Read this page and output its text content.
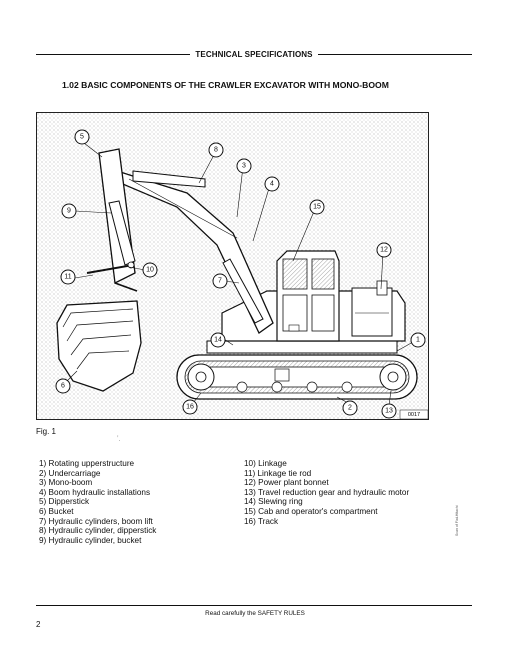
TECHNICAL SPECIFICATIONS
1.02 BASIC COMPONENTS OF THE CRAWLER EXCAVATOR WITH MONO-BOOM
5
8
3
4
15
9
12
10
11
7
14	1
6
16	2	13
0017
Fig. 1
ʼ.
1) Rotating upperstructure
2) Undercarriage
3) Mono-boom
4) Boom hydraulic installations
5) Dipperstick
6) Bucket
7) Hydraulic cylinders, boom lift
8) Hydraulic cylinder, dipperstick
9) Hydraulic cylinder, bucket
10) Linkage
11) Linkage tie rod
12) Power plant bonnet
13) Travel reduction gear and hydraulic motor
14) Slewing ring
15) Cab and operator's compartment
16) Track	Scan of Fiat-Hitachi
Read carefully the SAFETY RULES
2
